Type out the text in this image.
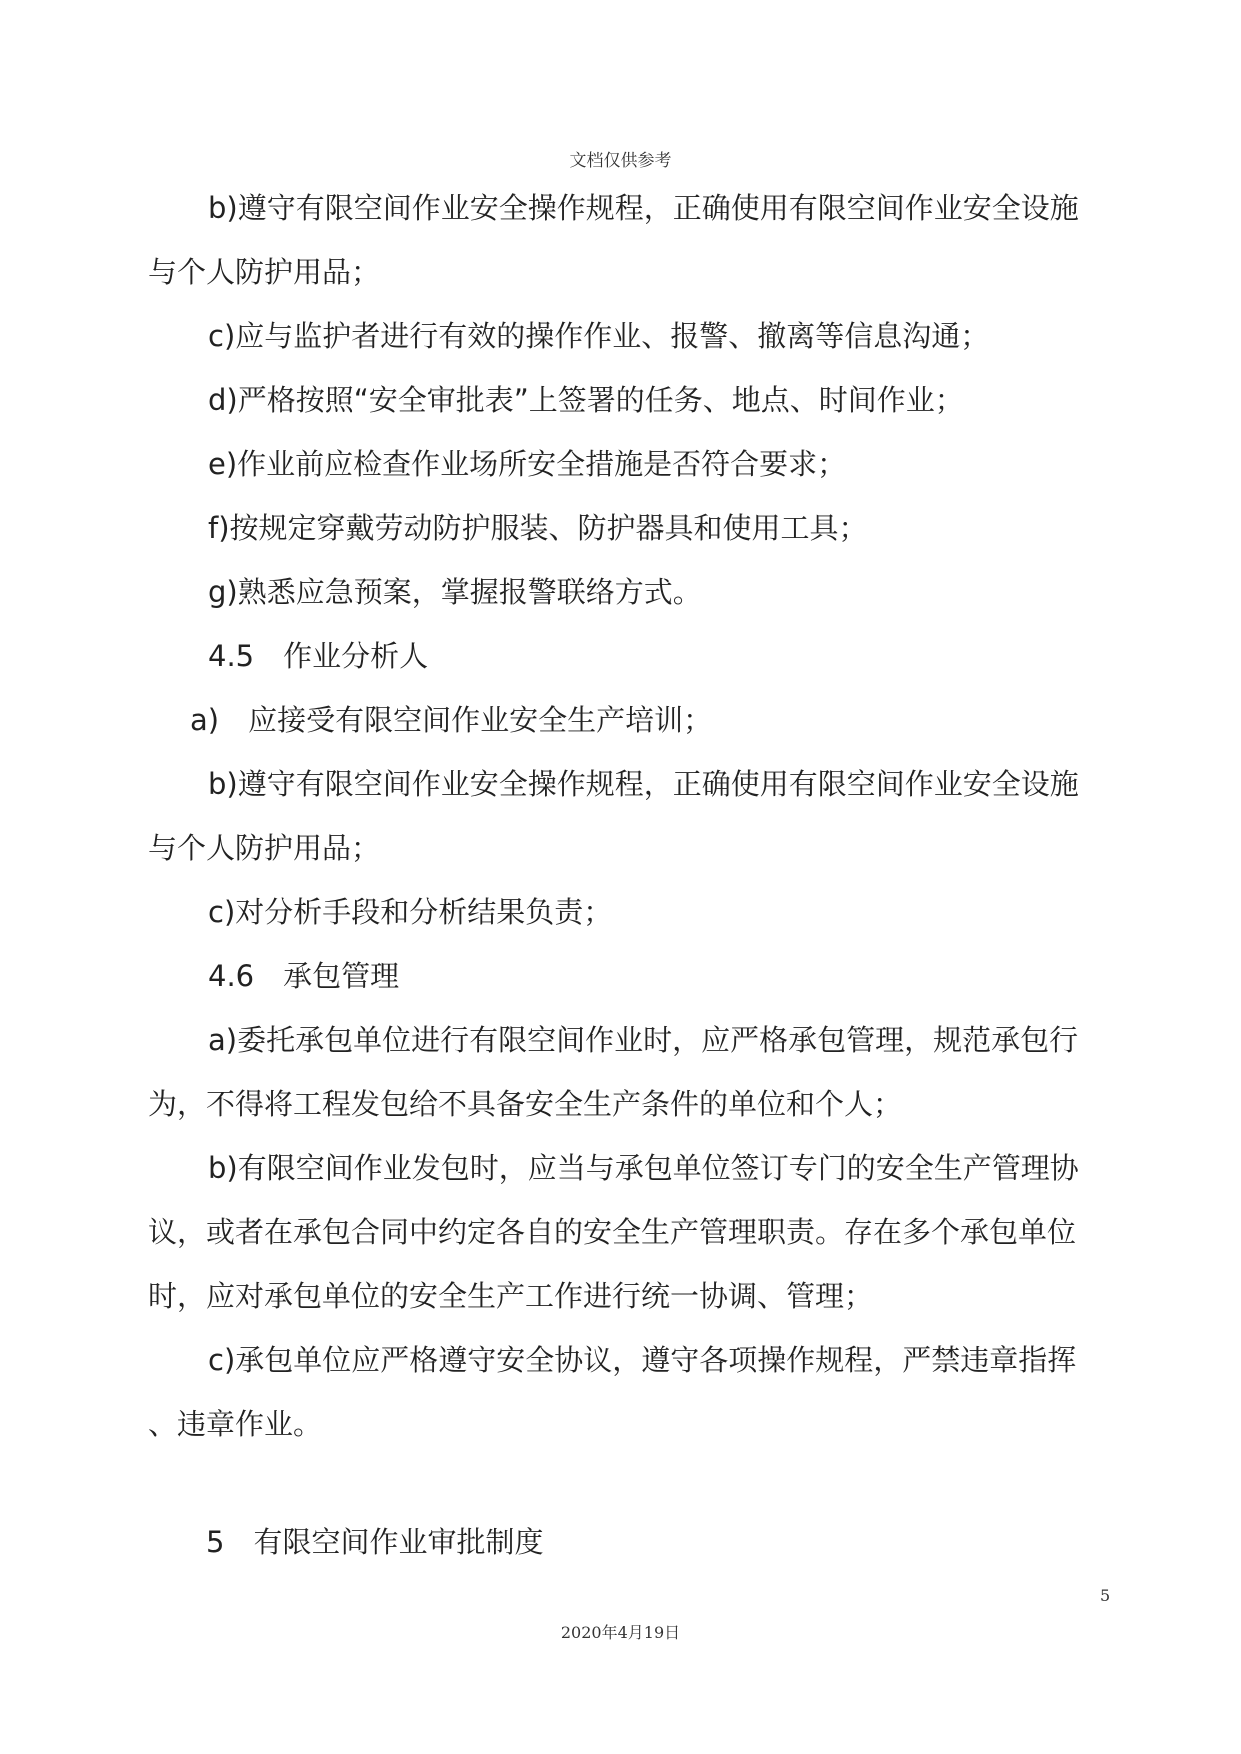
文档仅供参考
b)遵守有限空间作业安全操作规程，正确使用有限空间作业安全设施
与个人防护用品；
c)应与监护者进行有效的操作作业、报警、撤离等信息沟通；
d)严格按照“安全审批表”上签署的任务、地点、时间作业；
e)作业前应检查作业场所安全措施是否符合要求；
f)按规定穿戴劳动防护服装、防护器具和使用工具；
g)熟悉应急预案，掌握报警联络方式。
4.5　作业分析人
a)　应接受有限空间作业安全生产培训；
b)遵守有限空间作业安全操作规程，正确使用有限空间作业安全设施
与个人防护用品；
c)对分析手段和分析结果负责；
4.6　承包管理
a)委托承包单位进行有限空间作业时，应严格承包管理，规范承包行
为，不得将工程发包给不具备安全生产条件的单位和个人；
b)有限空间作业发包时，应当与承包单位签订专门的安全生产管理协
议，或者在承包合同中约定各自的安全生产管理职责。存在多个承包单位
时，应对承包单位的安全生产工作进行统一协调、管理；
c)承包单位应严格遵守安全协议，遵守各项操作规程，严禁违章指挥
、违章作业。
5　有限空间作业审批制度
5
2020年4月19日
